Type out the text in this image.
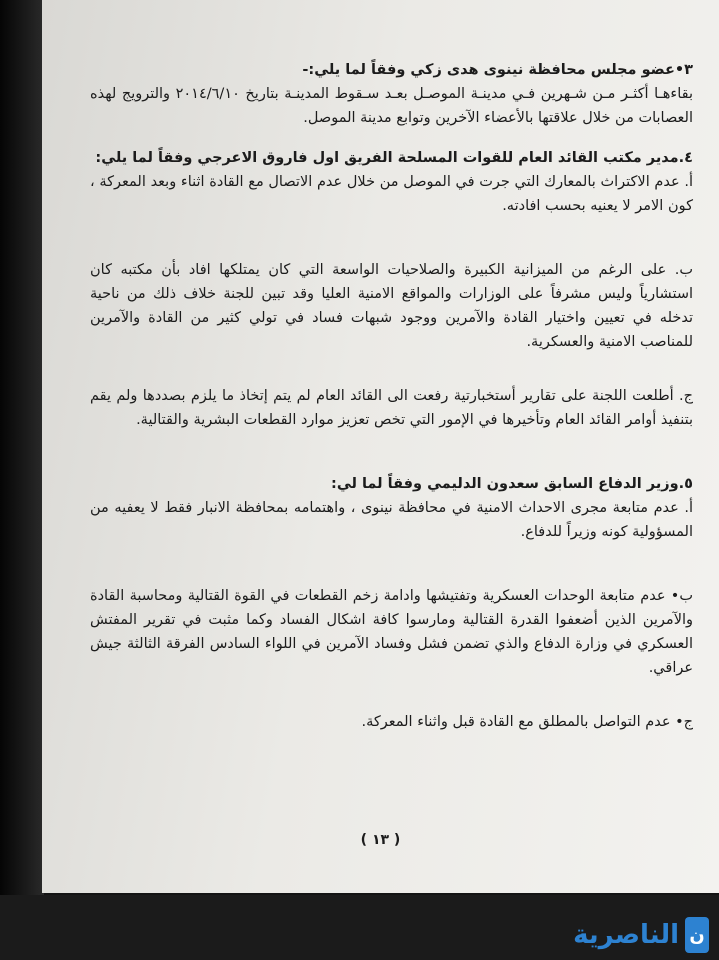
٣•عضو مجلس محافظة نينوى هدى زكي وفقاً لما يلي:-

بقاءهـا أكثـر مـن شـهرين فـي مدينـة الموصـل بعـد سـقوط المدينـة بتاريخ ٢٠١٤/٦/١٠ والترويج لهذه العصابات من خلال علاقتها بالأعضاء الآخرين وتوابع مدينة الموصل.

٤.مدير مكتب القائد العام للقوات المسلحة الفريق اول فاروق الاعرجي وفقاً لما يلي:

أ. عدم الاكتراث بالمعارك التي جرت في الموصل من خلال عدم الاتصال مع القادة اثناء وبعد المعركة ، كون الامر لا يعنيه بحسب افادته.

ب. على الرغم من الميزانية الكبيرة والصلاحيات الواسعة التي كان يمتلكها افاد بأن مكتبه كان استشارياً وليس مشرفاً على الوزارات والمواقع الامنية العليا وقد تبين للجنة خلاف ذلك من ناحية تدخله في تعيين واختيار القادة والآمرين ووجود شبهات فساد في تولي كثير من القادة والآمرين للمناصب الامنية والعسكرية.

ج. أطلعت اللجنة على تقارير أستخبارتية رفعت الى القائد العام لم يتم إتخاذ ما يلزم بصددها ولم يقم بتنفيذ أوامر القائد العام وتأخيرها في الإمور التي تخص تعزيز موارد القطعات البشرية والقتالية.

٥.وزير الدفاع السابق سعدون الدليمي وفقاً لما لي:

أ. عدم متابعة مجرى الاحداث الامنية في محافظة نينوى ، واهتمامه بمحافظة الانبار فقط لا يعفيه من المسؤولية كونه وزيراً للدفاع.

ب• عدم متابعة الوحدات العسكرية وتفتيشها وادامة زخم القطعات في القوة القتالية ومحاسبة القادة والآمرين الذين أضعفوا القدرة القتالية ومارسوا كافة اشكال الفساد وكما مثبت في تقرير المفتش العسكري في وزارة الدفاع والذي تضمن فشل وفساد الآمرين في اللواء السادس الفرقة الثالثة جيش عراقي.

ج• عدم التواصل بالمطلق مع القادة قبل واثناء المعركة.

( ١٣ )
ن
الناصرية
